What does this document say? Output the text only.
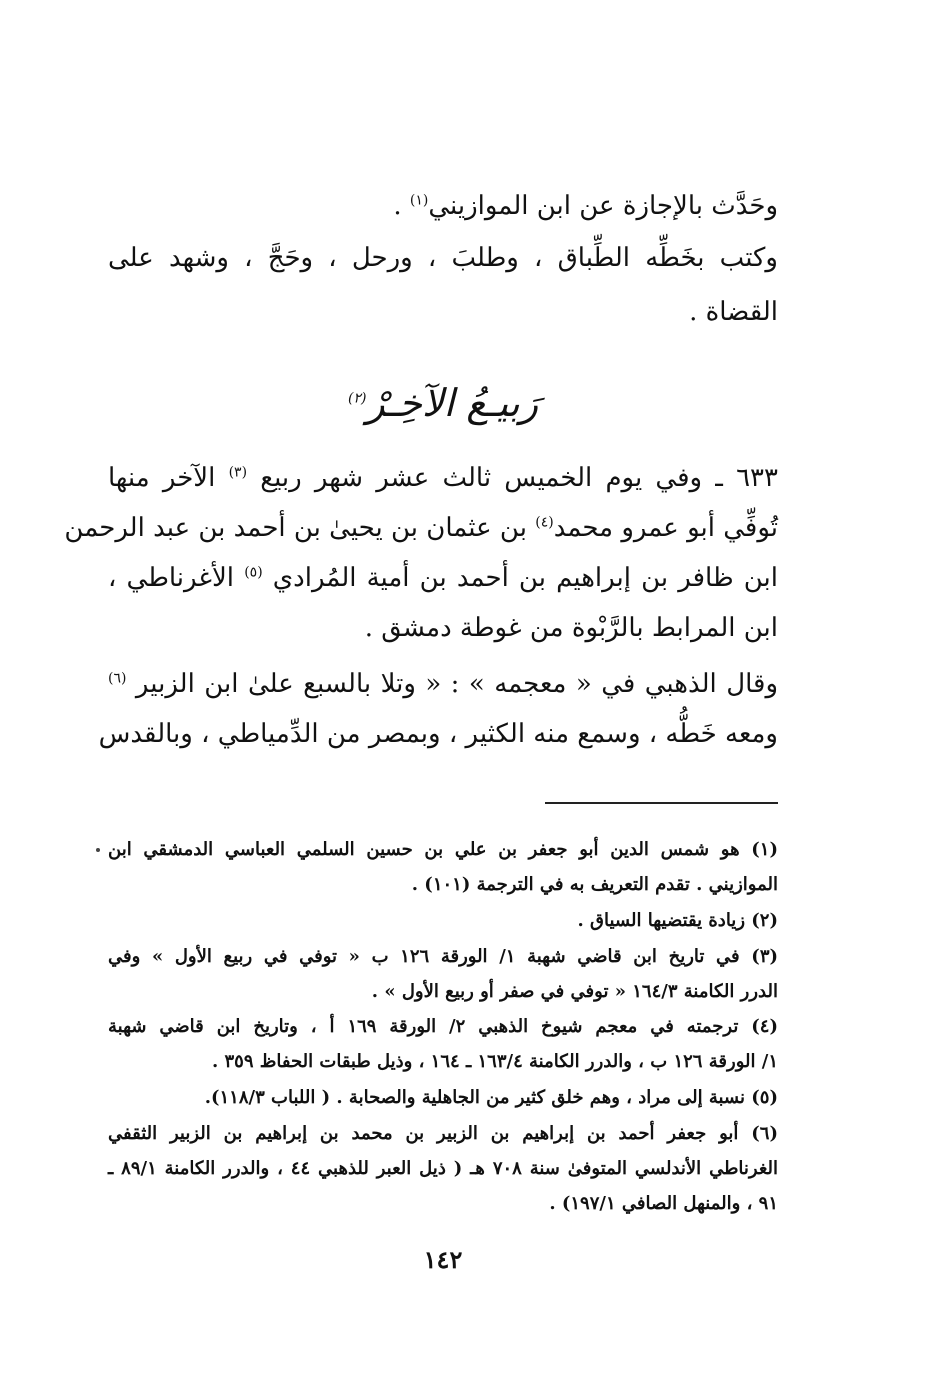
وحَدَّث بالإجازة عن ابن الموازيني$^{(١)}$ .
وكتب بخَطِّه الطِّباق ، وطلبَ ، ورحل ، وحَجَّ ، وشهد على
القضاة .
رَبيـعُ الآخِـرْ$^{(٢)}$
٦٣٣ ـ وفي يوم الخميس ثالث عشر شهر ربيع $^{(٣)}$ الآخر منها
تُوفِّي أبو عمرو محمد$^{(٤)}$ بن عثمان بن يحيىٰ بن أحمد بن عبد الرحمن
ابن ظافر بن إبراهيم بن أحمد بن أمية المُرادي $^{(٥)}$ الأغرناطي ،
ابن المرابط بالرَّبْوة من غوطة دمشق .
وقال الذهبي في « معجمه » : « وتلا بالسبع علىٰ ابن الزبير $^{(٦)}$
ومعه خَطُّه ، وسمع منه الكثير ، وبمصر من الدِّمياطي ، وبالقدس
(١) هو شمس الدين أبو جعفر بن علي بن حسين السلمي العباسي الدمشقي ابن
الموازيني . تقدم التعريف به في الترجمة (١٠١) .
(٢) زيادة يقتضيها السياق .
(٣) في تاريخ ابن قاضي شهبة ١/ الورقة ١٢٦ ب « توفي في ربيع الأول » وفي
الدرر الكامنة ١٦٤/٣ « توفي في صفر أو ربيع الأول » .
(٤) ترجمته في معجم شيوخ الذهبي ٢/ الورقة ١٦٩ أ ، وتاريخ ابن قاضي شهبة
١/ الورقة ١٢٦ ب ، والدرر الكامنة ١٦٣/٤ ـ ١٦٤ ، وذيل طبقات الحفاظ ٣٥٩ .
(٥) نسبة إلى مراد ، وهم خلق كثير من الجاهلية والصحابة . ( اللباب ١١٨/٣).
(٦) أبو جعفر أحمد بن إبراهيم بن الزبير بن محمد بن إبراهيم بن الزبير الثقفي
الغرناطي الأندلسي المتوفىٰ سنة ٧٠٨ هـ ( ذيل العبر للذهبي ٤٤ ، والدرر الكامنة ٨٩/١ ـ
٩١ ، والمنهل الصافي ١٩٧/١) .
١٤٢
